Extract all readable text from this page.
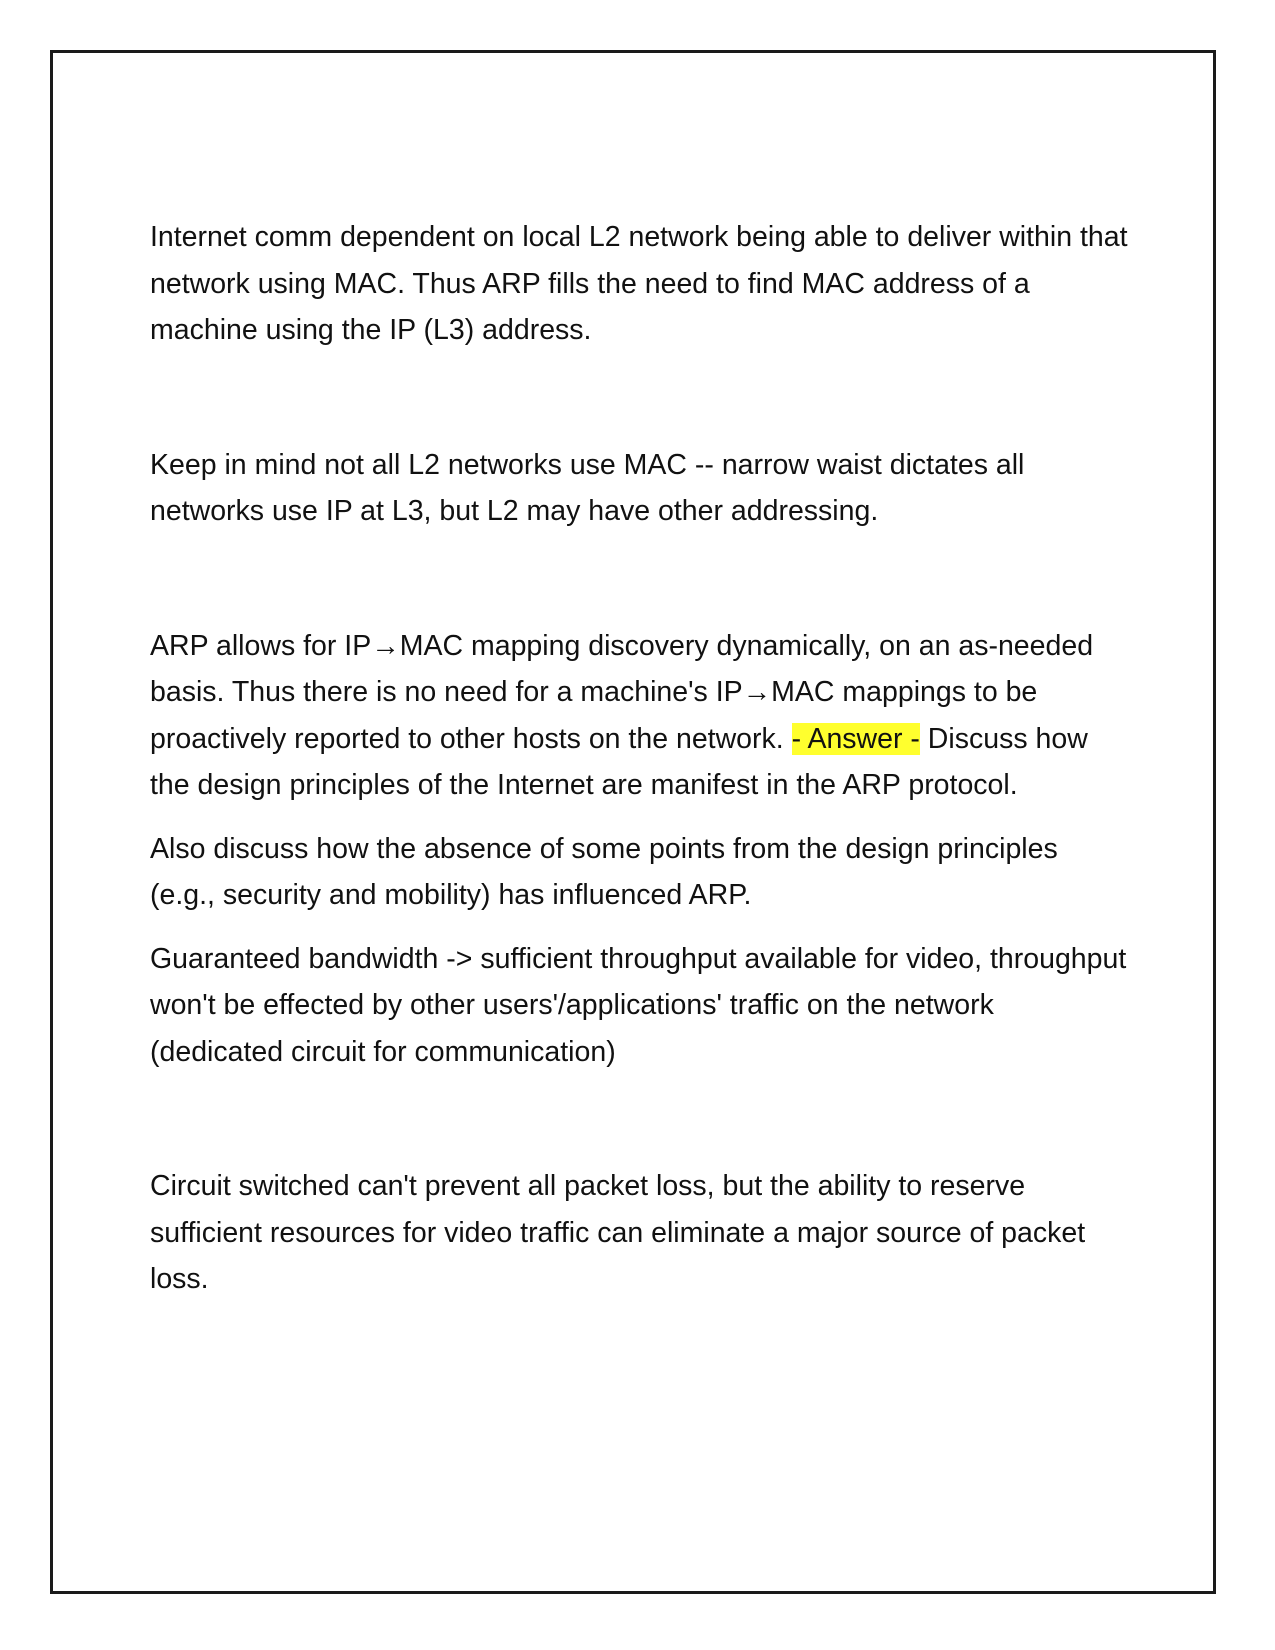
Internet comm dependent on local L2 network being able to deliver within that network using MAC. Thus ARP fills the need to find MAC address of a machine using the IP (L3) address.

Keep in mind not all L2 networks use MAC -- narrow waist dictates all networks use IP at L3, but L2 may have other addressing.

ARP allows for IP→MAC mapping discovery dynamically, on an as-needed basis. Thus there is no need for a machine's IP→MAC mappings to be proactively reported to other hosts on the network. - Answer - Discuss how the design principles of the Internet are manifest in the ARP protocol.

Also discuss how the absence of some points from the design principles (e.g., security and mobility) has influenced ARP.

Guaranteed bandwidth -> sufficient throughput available for video, throughput won't be effected by other users'/applications' traffic on the network (dedicated circuit for communication)

Circuit switched can't prevent all packet loss, but the ability to reserve sufficient resources for video traffic can eliminate a major source of packet loss.
